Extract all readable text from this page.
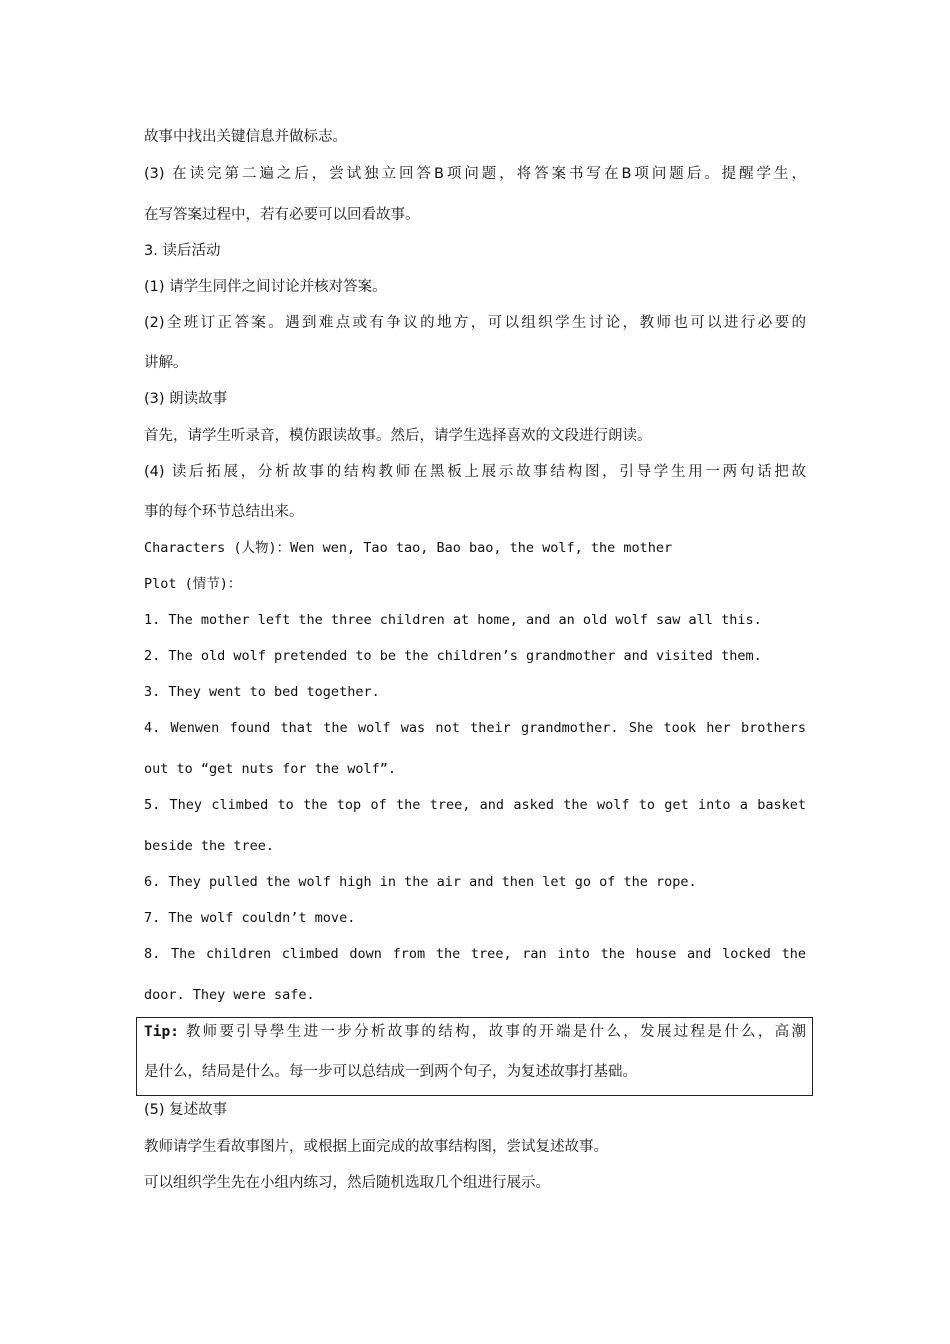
故事中找出关键信息并做标志。

(3) 在读完第二遍之后，尝试独立回答B项问题，将答案书写在B项问题后。提醒学生，

在写答案过程中，若有必要可以回看故事。

3. 读后活动

(1) 请学生同伴之间讨论并核对答案。

(2)全班订正答案。遇到难点或有争议的地方，可以组织学生讨论，教师也可以进行必要的

讲解。

(3) 朗读故事

首先，请学生听录音，模仿跟读故事。然后，请学生选择喜欢的文段进行朗读。

(4) 读后拓展，分析故事的结构教师在黑板上展示故事结构图，引导学生用一两句话把故

事的每个环节总结出来。

Characters (人物)：Wen wen, Tao tao, Bao bao, the wolf, the mother

Plot (情节)：

1. The mother left the three children at home, and an old wolf saw all this.

2. The old wolf pretended to be the children’s grandmother and visited them.

3. They went to bed together.

4. Wenwen found that the wolf was not their grandmother. She took her brothers

out to “get nuts for the wolf”.

5. They climbed to the top of the tree, and asked the wolf to get into a basket

beside the tree.

6. They pulled the wolf high in the air and then let go of the rope.

7. The wolf couldn’t move.

8. The children climbed down from the tree, ran into the house and locked the

door. They were safe.

Tip: 教师要引导學生进一步分析故事的结构，故事的开端是什么，发展过程是什么，高潮

是什么，结局是什么。每一步可以总结成一到两个句子，为复述故事打基础。

(5) 复述故事

教师请学生看故事图片，或根据上面完成的故事结构图，尝试复述故事。

可以组织学生先在小组内练习，然后随机选取几个组进行展示。
